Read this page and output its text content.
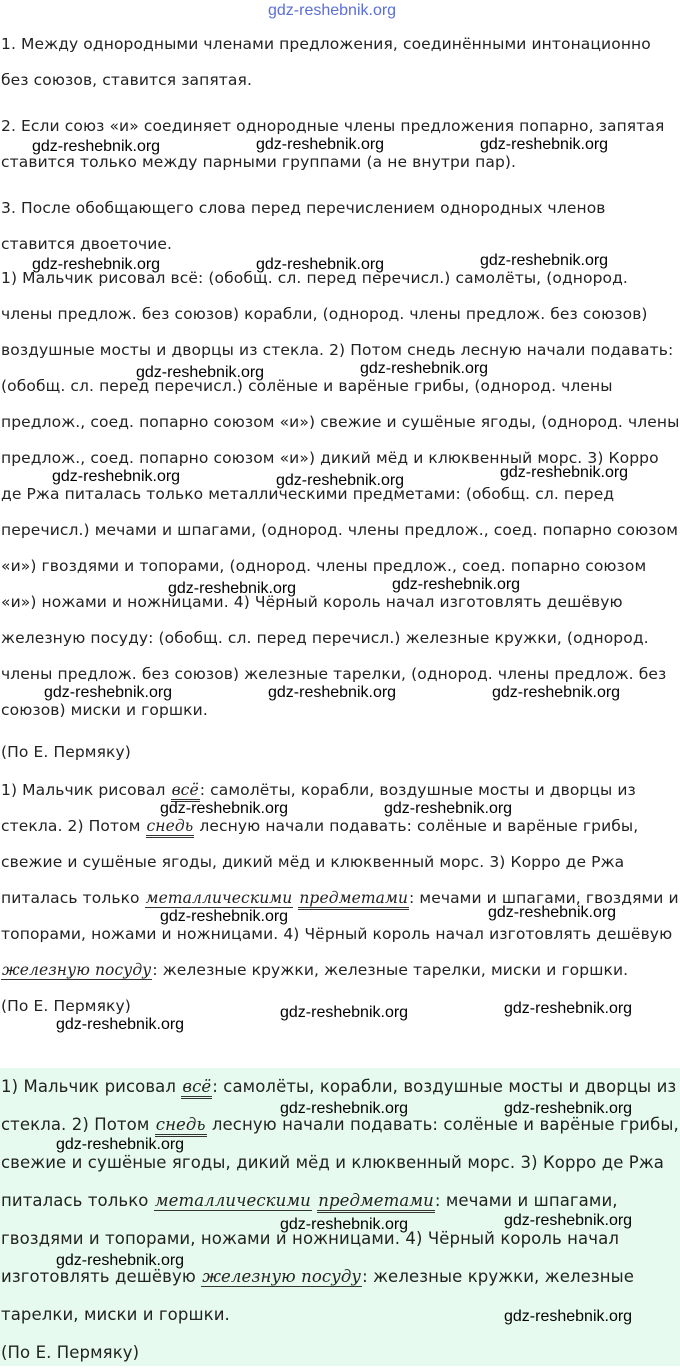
gdz-reshebnik.org

1. Между однородными членами предложения, соединёнными интонационно без союзов, ставится запятая.

2. Если союз «и» соединяет однородные члены предложения попарно, запятая ставится только между парными группами (а не внутри пар).

3. После обобщающего слова перед перечислением однородных членов ставится двоеточие.

1) Мальчик рисовал всё: (обобщ. сл. перед перечисл.) самолёты, (однород. члены предлож. без союзов) корабли, (однород. члены предлож. без союзов) воздушные мосты и дворцы из стекла. 2) Потом снедь лесную начали подавать: (обобщ. сл. перед перечисл.) солёные и варёные грибы, (однород. члены предлож., соед. попарно союзом «и») свежие и сушёные ягоды, (однород. члены предлож., соед. попарно союзом «и») дикий мёд и клюквенный морс. 3) Корро де Ржа питалась только металлическими предметами: (обобщ. сл. перед перечисл.) мечами и шпагами, (однород. члены предлож., соед. попарно союзом «и») гвоздями и топорами, (однород. члены предлож., соед. попарно союзом «и») ножами и ножницами. 4) Чёрный король начал изготовлять дешёвую железную посуду: (обобщ. сл. перед перечисл.) железные кружки, (однород. члены предлож. без союзов) железные тарелки, (однород. члены предлож. без союзов) миски и горшки.

(По Е. Пермяку)

1) Мальчик рисовал всё: самолёты, корабли, воздушные мосты и дворцы из стекла. 2) Потом снедь лесную начали подавать: солёные и варёные грибы, свежие и сушёные ягоды, дикий мёд и клюквенный морс. 3) Корро де Ржа питалась только металлическими предметами: мечами и шпагами, гвоздями и топорами, ножами и ножницами. 4) Чёрный король начал изготовлять дешёвую железную посуду: железные кружки, железные тарелки, миски и горшки.

(По Е. Пермяку)

1) Мальчик рисовал всё: самолёты, корабли, воздушные мосты и дворцы из стекла. 2) Потом снедь лесную начали подавать: солёные и варёные грибы, свежие и сушёные ягоды, дикий мёд и клюквенный морс. 3) Корро де Ржа питалась только металлическими предметами: мечами и шпагами, гвоздями и топорами, ножами и ножницами. 4) Чёрный король начал изготовлять дешёвую железную посуду: железные кружки, железные тарелки, миски и горшки.

(По Е. Пермяку)

gdz-reshebnik.org	gdz-reshebnik.org	gdz-reshebnik.org
gdz-reshebnik.org	gdz-reshebnik.org	gdz-reshebnik.org
gdz-reshebnik.org	gdz-reshebnik.org
gdz-reshebnik.org	gdz-reshebnik.org	gdz-reshebnik.org
gdz-reshebnik.org	gdz-reshebnik.org
gdz-reshebnik.org	gdz-reshebnik.org	gdz-reshebnik.org
gdz-reshebnik.org	gdz-reshebnik.org
gdz-reshebnik.org	gdz-reshebnik.org
gdz-reshebnik.org
gdz-reshebnik.org	gdz-reshebnik.org
gdz-reshebnik.org	gdz-reshebnik.org
gdz-reshebnik.org
gdz-reshebnik.org	gdz-reshebnik.org
gdz-reshebnik.org
gdz-reshebnik.org
